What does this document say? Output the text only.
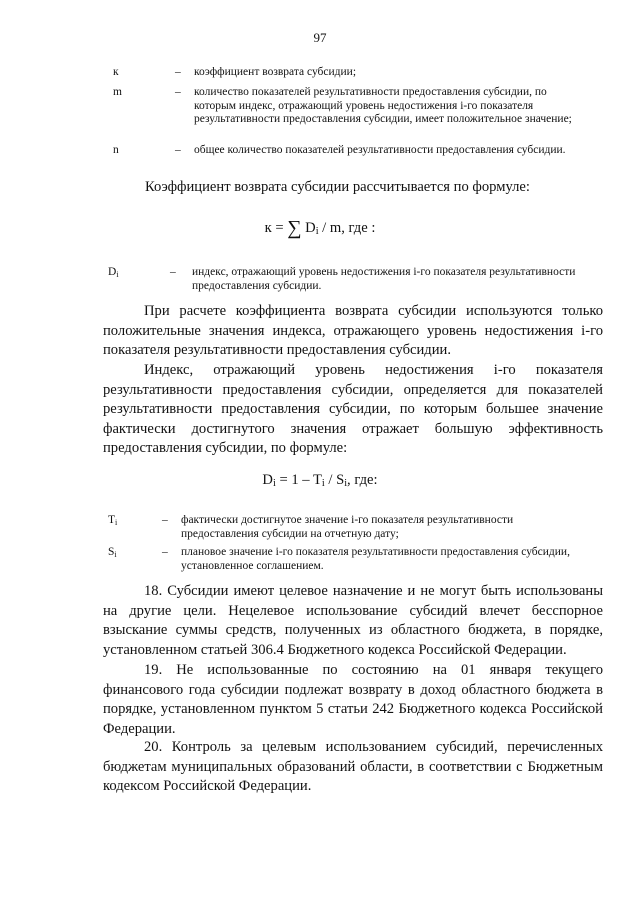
97
к	– коэффициент возврата субсидии;
m	– количество показателей результативности предоставления субсидии, по которым индекс, отражающий уровень недостижения i-го показателя результативности предоставления субсидии, имеет положительное значение;
n	– общее количество показателей результативности предоставления субсидии.
Коэффициент возврата субсидии рассчитывается по формуле:
к = ∑ $D_i$ / m, где :
$D_i$	– индекс, отражающий уровень недостижения i-го показателя результативности предоставления субсидии.
При расчете коэффициента возврата субсидии используются только положительные значения индекса, отражающего уровень недостижения i-го показателя результативности предоставления субсидии.
Индекс, отражающий уровень недостижения i-го показателя результативности предоставления субсидии, определяется для показателей результативности предоставления субсидии, по которым большее значение фактически достигнутого значения отражает большую эффективность предоставления субсидии, по формуле:
$D_i = 1 - T_i / S_i$, где:
$T_i$	– фактически достигнутое значение i-го показателя результативности предоставления субсидии на отчетную дату;
$S_i$	– плановое значение i-го показателя результативности предоставления субсидии, установленное соглашением.
18. Субсидии имеют целевое назначение и не могут быть использованы на другие цели. Нецелевое использование субсидий влечет бесспорное взыскание суммы средств, полученных из областного бюджета, в порядке, установленном статьей 306.4 Бюджетного кодекса Российской Федерации.
19. Не использованные по состоянию на 01 января текущего финансового года субсидии подлежат возврату в доход областного бюджета в порядке, установленном пунктом 5 статьи 242 Бюджетного кодекса Российской Федерации.
20. Контроль за целевым использованием субсидий, перечисленных бюджетам муниципальных образований области, в соответствии с Бюджетным кодексом Российской Федерации.
